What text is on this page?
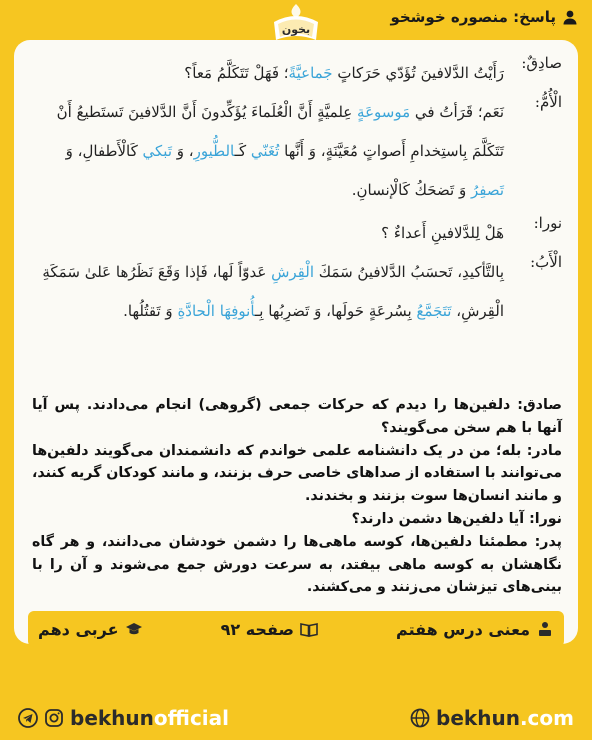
پاسخ: منصوره خوشخو
بخون
صادِقٌ:
رَأَيْتُ الدَّلافينَ تُؤَدّي حَرَكاتٍ جَماعيَّةً؛ فَهَلْ تَتَكَلَّمُ مَعاً؟
الْأُمُّ:
نَعَم؛ قَرَأتُ في مَوسوعَةٍ عِلميَّةٍ أَنَّ الْعُلَماءَ يُؤَكِّدونَ أَنَّ الدَّلافينَ تَستَطيعُ أَنْ تَتَكَلَّمَ بِاستِخدامِ أَصواتٍ مُعَيَّنَةٍ، وَ أَنَّها تُغَنّي كَـالطُّيورِ، وَ تَبكي كَالْأَطفالِ، وَ تَصفِرُ وَ تَضحَكُ كَالْإنسانِ.
نورا:
هَلْ لِلدَّلافينِ أَعداءٌ ؟
الْأَبُ:
بِالتَّأكيدِ، تَحسَبُ الدَّلافينُ سَمَكَ الْقِرشِ عَدوّاً لَها، فَإذا وَقَعَ نَظَرُها عَلىٰ سَمَكَةِ الْقِرشِ، تَتَجَمَّعُ بِسُرعَةٍ حَولَها، وَ تَضرِبُها بِـأُنوفِهَا الْحادَّةِ وَ تَقتُلُها.

صادق: دلفین‌ها را دیدم که حرکات جمعی (گروهی) انجام می‌دادند. پس آیا آنها با هم سخن می‌گویند؟

مادر: بله؛ من در یک دانشنامه علمی خواندم که دانشمندان می‌گویند دلفین‌ها می‌توانند با استفاده از صداهای خاصی حرف بزنند، و مانند کودکان گریه کنند، و مانند انسان‌ها سوت بزنند و بخندند.

نورا: آیا دلفین‌ها دشمن دارند؟

پدر: مطمئنا دلفین‌ها، کوسه ماهی‌ها را دشمن خودشان می‌دانند، و هر گاه نگاهشان به کوسه ماهی بیفتد، به سرعت دورش جمع می‌شوند و آن را با بینی‌های تیزشان می‌زنند و می‌کشند.

معنی درس هفتم
صفحه ۹۲
عربی دهم
bekhunofficial	bekhun.com
